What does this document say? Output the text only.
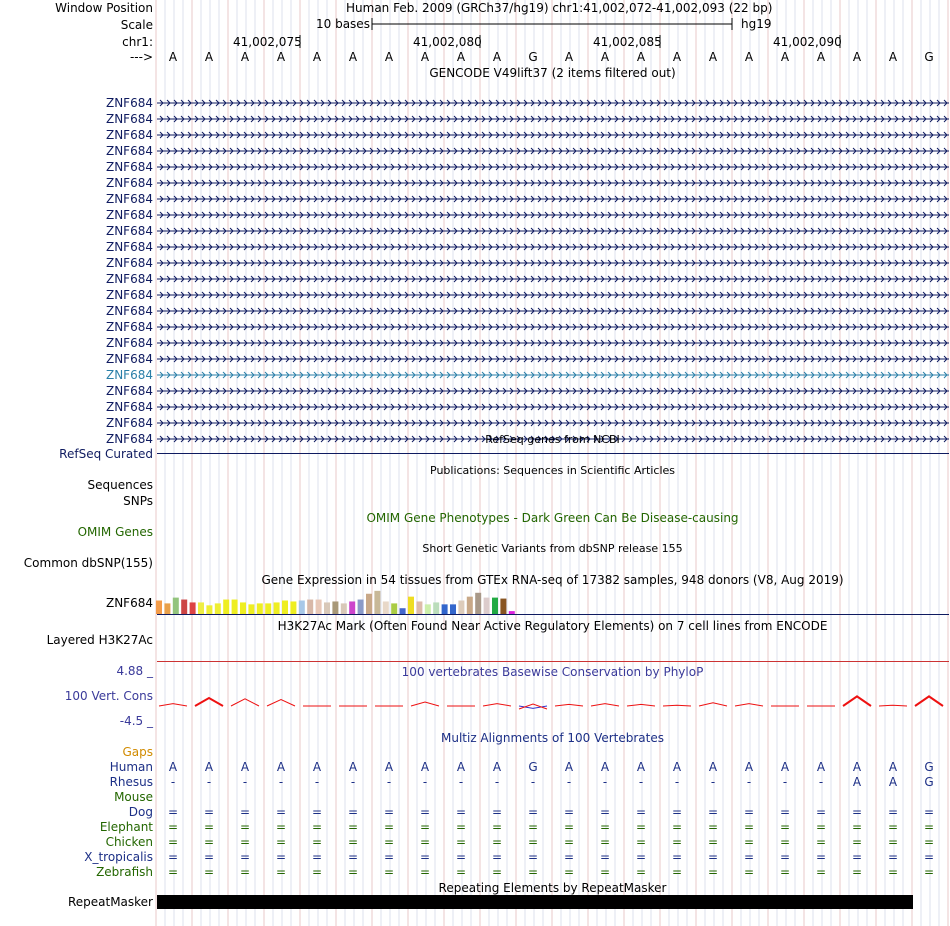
Window Position
Scale
chr1:
--->
Human Feb. 2009 (GRCh37/hg19) chr1:41,002,072-41,002,093 (22 bp)
10 bases	hg19
41,002,075	41,002,080	41,002,085	41,002,090
A	A	A	A	A	A	A	A	A	A	G	A	A	A	A	A	A	A	A	A	A	G
GENCODE V49lift37 (2 items filtered out)
ZNF684
ZNF684
ZNF684
ZNF684
ZNF684
ZNF684
ZNF684
ZNF684
ZNF684
ZNF684
ZNF684
ZNF684
ZNF684
ZNF684
ZNF684
ZNF684
ZNF684
ZNF684
ZNF684
ZNF684
ZNF684
ZNF684	RefSeq genes from NCBI
RefSeq Curated
Publications: Sequences in Scientific Articles
Sequences
SNPs
OMIM Gene Phenotypes - Dark Green Can Be Disease-causing
OMIM Genes
Short Genetic Variants from dbSNP release 155
Common dbSNP(155)
Gene Expression in 54 tissues from GTEx RNA-seq of 17382 samples, 948 donors (V8, Aug 2019)
ZNF684
H3K27Ac Mark (Often Found Near Active Regulatory Elements) on 7 cell lines from ENCODE
Layered H3K27Ac
100 vertebrates Basewise Conservation by PhyloP
4.88 _
100 Vert. Cons
-4.5 _
Multiz Alignments of 100 Vertebrates
Gaps
Human	A	A	A	A	A	A	A	A	A	A	G	A	A	A	A	A	A	A	A	A	A	G
Rhesus	-	-	-	-	-	-	-	-	-	-	-	-	-	-	-	-	-	-	-	A	A	G
Mouse
Dog	=	=	=	=	=	=	=	=	=	=	=	=	=	=	=	=	=	=	=	=	=	=
Elephant	=	=	=	=	=	=	=	=	=	=	=	=	=	=	=	=	=	=	=	=	=	=
Chicken	=	=	=	=	=	=	=	=	=	=	=	=	=	=	=	=	=	=	=	=	=	=
X_tropicalis	=	=	=	=	=	=	=	=	=	=	=	=	=	=	=	=	=	=	=	=	=	=
Zebrafish	=	=	=	=	=	=	=	=	=	=	=	=	=	=	=	=	=	=	=	=	=	=
Repeating Elements by RepeatMasker
RepeatMasker
